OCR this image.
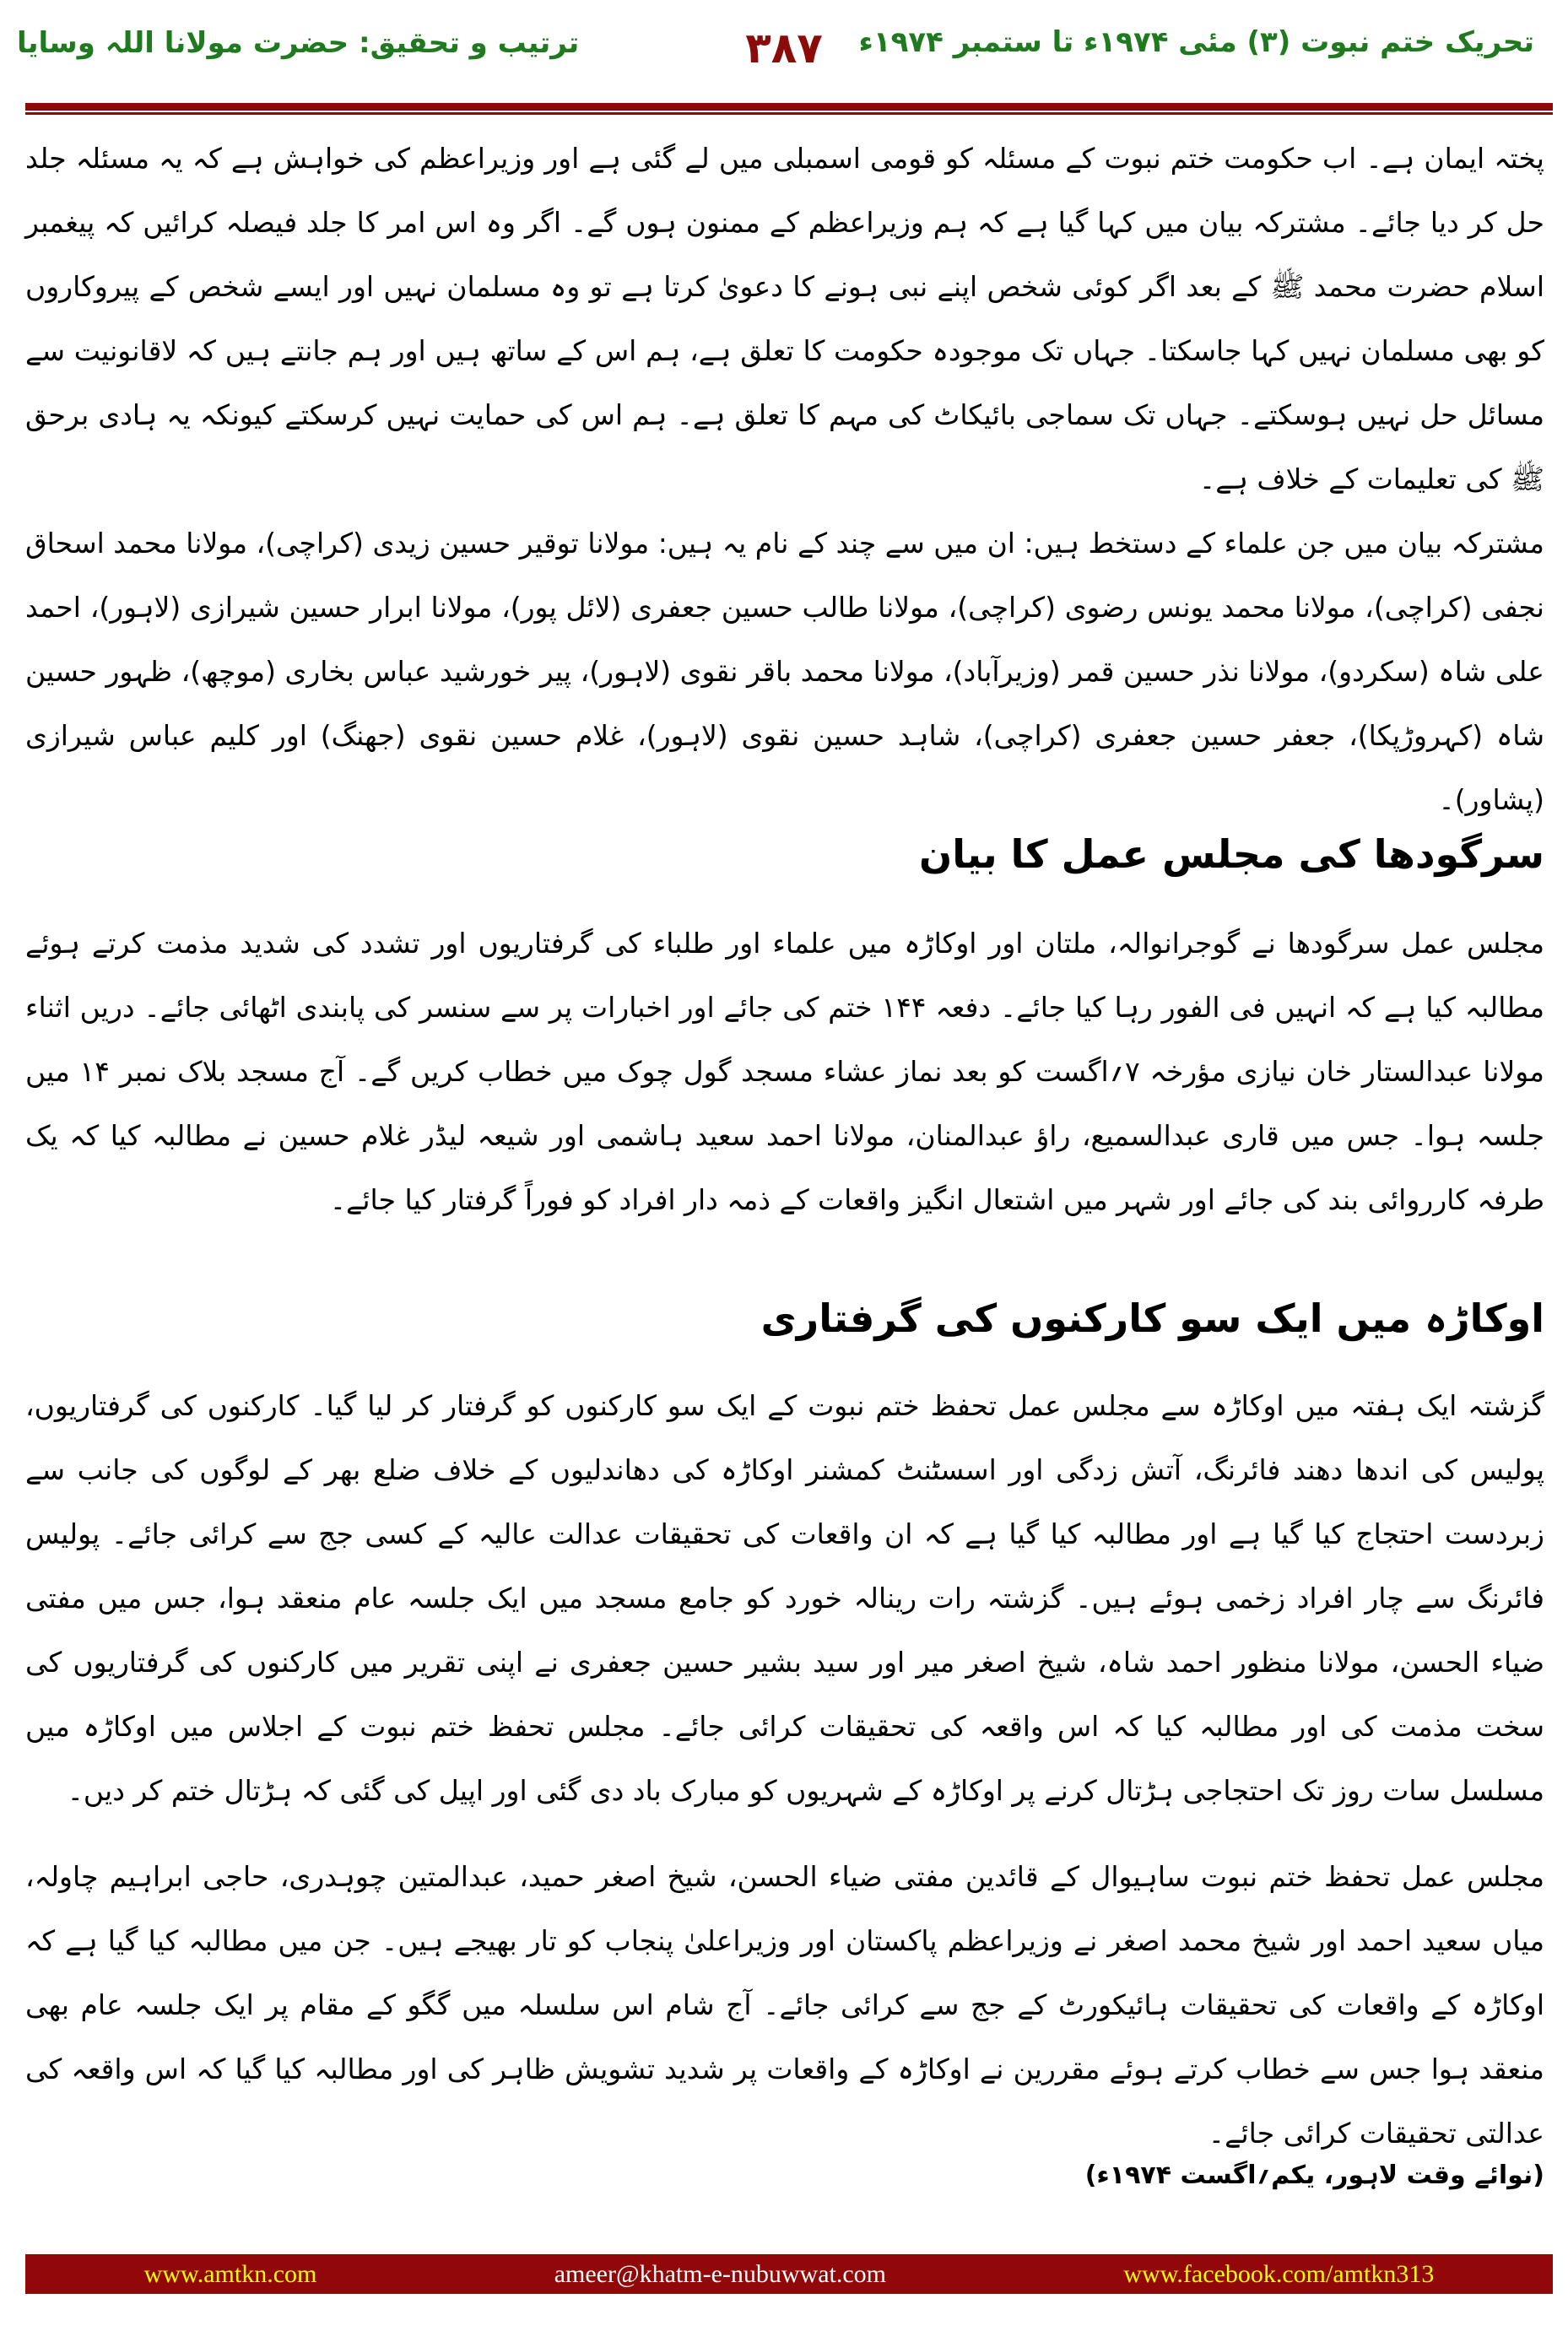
تحریک ختم نبوت (۳) مئی ۱۹۷۴ء تا ستمبر ۱۹۷۴ء
۳۸۷
ترتیب و تحقیق: حضرت مولانا اللہ وسایا
پختہ ایمان ہے۔ اب حکومت ختم نبوت کے مسئلہ کو قومی اسمبلی میں لے گئی ہے اور وزیراعظم کی خواہش ہے کہ یہ مسئلہ جلد حل کر دیا جائے۔ مشترکہ بیان میں کہا گیا ہے کہ ہم وزیراعظم کے ممنون ہوں گے۔ اگر وہ اس امر کا جلد فیصلہ کرائیں کہ پیغمبر اسلام حضرت محمد ﷺ کے بعد اگر کوئی شخص اپنے نبی ہونے کا دعویٰ کرتا ہے تو وہ مسلمان نہیں اور ایسے شخص کے پیروکاروں کو بھی مسلمان نہیں کہا جاسکتا۔ جہاں تک موجودہ حکومت کا تعلق ہے، ہم اس کے ساتھ ہیں اور ہم جانتے ہیں کہ لاقانونیت سے مسائل حل نہیں ہوسکتے۔ جہاں تک سماجی بائیکاٹ کی مہم کا تعلق ہے۔ ہم اس کی حمایت نہیں کرسکتے کیونکہ یہ ہادی برحق ﷺ کی تعلیمات کے خلاف ہے۔
مشترکہ بیان میں جن علماء کے دستخط ہیں: ان میں سے چند کے نام یہ ہیں: مولانا توقیر حسین زیدی (کراچی)، مولانا محمد اسحاق نجفی (کراچی)، مولانا محمد یونس رضوی (کراچی)، مولانا طالب حسین جعفری (لائل پور)، مولانا ابرار حسین شیرازی (لاہور)، احمد علی شاہ (سکردو)، مولانا نذر حسین قمر (وزیرآباد)، مولانا محمد باقر نقوی (لاہور)، پیر خورشید عباس بخاری (موچھ)، ظہور حسین شاہ (کہروڑپکا)، جعفر حسین جعفری (کراچی)، شاہد حسین نقوی (لاہور)، غلام حسین نقوی (جھنگ) اور کلیم عباس شیرازی (پشاور)۔
سرگودھا کی مجلس عمل کا بیان
مجلس عمل سرگودھا نے گوجرانوالہ، ملتان اور اوکاڑہ میں علماء اور طلباء کی گرفتاریوں اور تشدد کی شدید مذمت کرتے ہوئے مطالبہ کیا ہے کہ انہیں فی الفور رہا کیا جائے۔ دفعہ ۱۴۴ ختم کی جائے اور اخبارات پر سے سنسر کی پابندی اٹھائی جائے۔ دریں اثناء مولانا عبدالستار خان نیازی مؤرخہ ۷؍اگست کو بعد نماز عشاء مسجد گول چوک میں خطاب کریں گے۔ آج مسجد بلاک نمبر ۱۴ میں جلسہ ہوا۔ جس میں قاری عبدالسمیع، راؤ عبدالمنان، مولانا احمد سعید ہاشمی اور شیعہ لیڈر غلام حسین نے مطالبہ کیا کہ یک طرفہ کارروائی بند کی جائے اور شہر میں اشتعال انگیز واقعات کے ذمہ دار افراد کو فوراً گرفتار کیا جائے۔
اوکاڑہ میں ایک سو کارکنوں کی گرفتاری
گزشتہ ایک ہفتہ میں اوکاڑہ سے مجلس عمل تحفظ ختم نبوت کے ایک سو کارکنوں کو گرفتار کر لیا گیا۔ کارکنوں کی گرفتاریوں، پولیس کی اندھا دھند فائرنگ، آتش زدگی اور اسسٹنٹ کمشنر اوکاڑہ کی دھاندلیوں کے خلاف ضلع بھر کے لوگوں کی جانب سے زبردست احتجاج کیا گیا ہے اور مطالبہ کیا گیا ہے کہ ان واقعات کی تحقیقات عدالت عالیہ کے کسی جج سے کرائی جائے۔ پولیس فائرنگ سے چار افراد زخمی ہوئے ہیں۔ گزشتہ رات رینالہ خورد کو جامع مسجد میں ایک جلسہ عام منعقد ہوا، جس میں مفتی ضیاء الحسن، مولانا منظور احمد شاہ، شیخ اصغر میر اور سید بشیر حسین جعفری نے اپنی تقریر میں کارکنوں کی گرفتاریوں کی سخت مذمت کی اور مطالبہ کیا کہ اس واقعہ کی تحقیقات کرائی جائے۔ مجلس تحفظ ختم نبوت کے اجلاس میں اوکاڑہ میں مسلسل سات روز تک احتجاجی ہڑتال کرنے پر اوکاڑہ کے شہریوں کو مبارک باد دی گئی اور اپیل کی گئی کہ ہڑتال ختم کر دیں۔
مجلس عمل تحفظ ختم نبوت ساہیوال کے قائدین مفتی ضیاء الحسن، شیخ اصغر حمید، عبدالمتین چوہدری، حاجی ابراہیم چاولہ، میاں سعید احمد اور شیخ محمد اصغر نے وزیراعظم پاکستان اور وزیراعلیٰ پنجاب کو تار بھیجے ہیں۔ جن میں مطالبہ کیا گیا ہے کہ اوکاڑہ کے واقعات کی تحقیقات ہائیکورٹ کے جج سے کرائی جائے۔ آج شام اس سلسلہ میں گگو کے مقام پر ایک جلسہ عام بھی منعقد ہوا جس سے خطاب کرتے ہوئے مقررین نے اوکاڑہ کے واقعات پر شدید تشویش ظاہر کی اور مطالبہ کیا گیا کہ اس واقعہ کی عدالتی تحقیقات کرائی جائے۔
(نوائے وقت لاہور، یکم؍اگست ۱۹۷۴ء)
www.amtkn.com	ameer@khatm-e-nubuwwat.com	www.facebook.com/amtkn313
